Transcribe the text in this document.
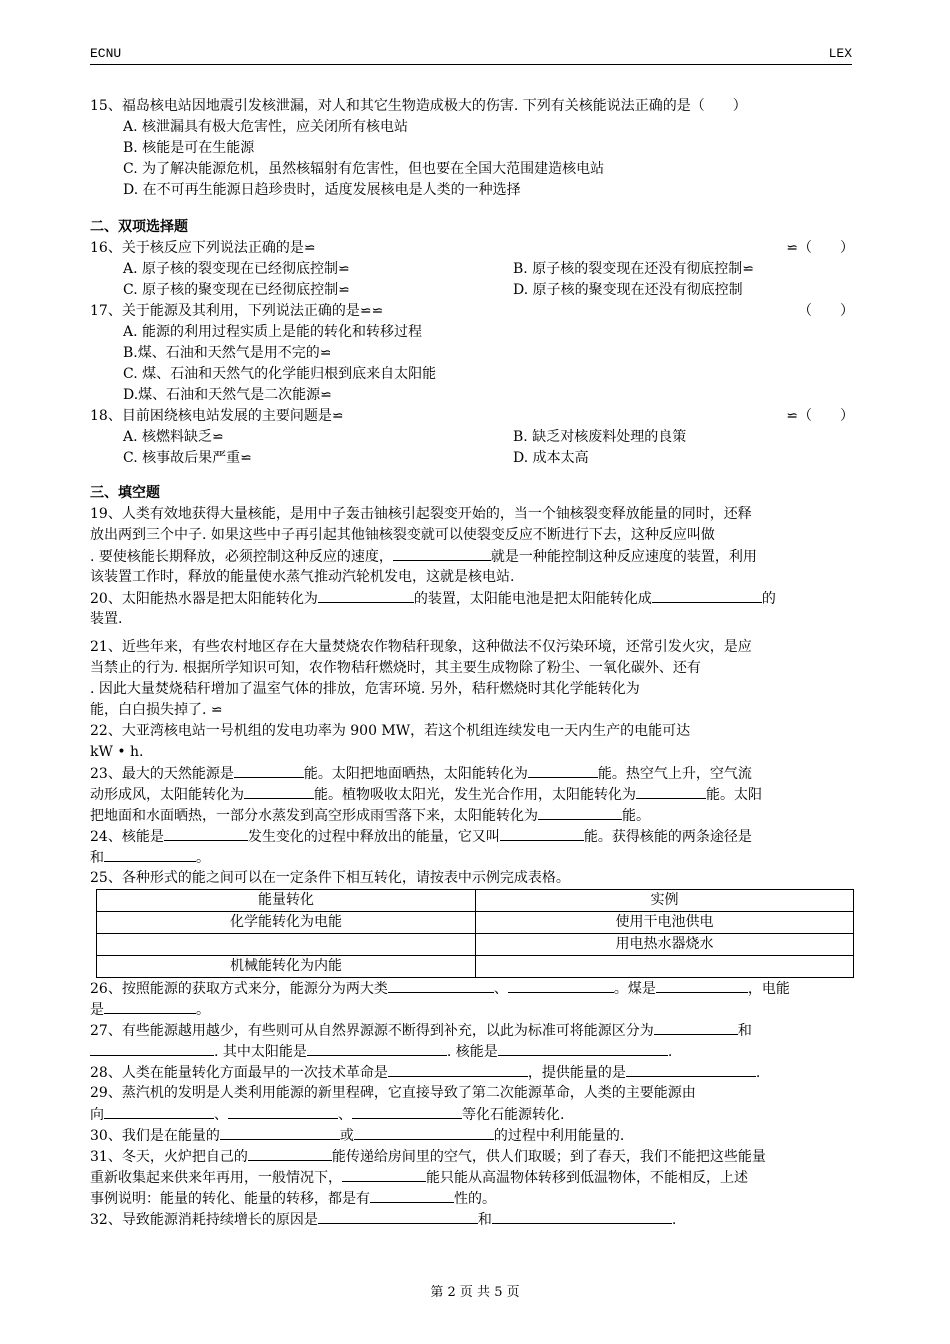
ECNU	LEX
15、福岛核电站因地震引发核泄漏，对人和其它生物造成极大的伤害. 下列有关核能说法正确的是（　　）
A. 核泄漏具有极大危害性，应关闭所有核电站
B. 核能是可在生能源
C. 为了解决能源危机，虽然核辐射有危害性，但也要在全国大范围建造核电站
D. 在不可再生能源日趋珍贵时，适度发展核电是人类的一种选择
二、双项选择题
16、关于核反应下列说法正确的是⋍	⋍（　　）
A. 原子核的裂变现在已经彻底控制⋍	B. 原子核的裂变现在还没有彻底控制⋍
C. 原子核的聚变现在已经彻底控制⋍	D. 原子核的聚变现在还没有彻底控制
17、关于能源及其利用，下列说法正确的是⋍⋍	（　　）
A. 能源的利用过程实质上是能的转化和转移过程
B.煤、石油和天然气是用不完的⋍
C. 煤、石油和天然气的化学能归根到底来自太阳能
D.煤、石油和天然气是二次能源⋍
18、目前困绕核电站发展的主要问题是⋍	⋍（　　）
A. 核燃料缺乏⋍	B. 缺乏对核废料处理的良策
C. 核事故后果严重⋍	D. 成本太高
三、填空题
19、人类有效地获得大量核能，是用中子轰击铀核引起裂变开始的，当一个铀核裂变释放能量的同时，还释
放出两到三个中子. 如果这些中子再引起其他铀核裂变就可以使裂变反应不断进行下去，这种反应叫做
. 要使核能长期释放，必须控制这种反应的速度，	就是一种能控制这种反应速度的装置，利用
该装置工作时，释放的能量使水蒸气推动汽轮机发电，这就是核电站.
20、太阳能热水器是把太阳能转化为	的装置，太阳能电池是把太阳能转化成	的
装置.
21、近些年来，有些农村地区存在大量焚烧农作物秸秆现象，这种做法不仅污染环境，还常引发火灾，是应
当禁止的行为. 根据所学知识可知，农作物秸秆燃烧时，其主要生成物除了粉尘、一氧化碳外、还有
. 因此大量焚烧秸秆增加了温室气体的排放，危害环境. 另外，秸秆燃烧时其化学能转化为
能，白白损失掉了. ⋍
22、大亚湾核电站一号机组的发电功率为 900 MW，若这个机组连续发电一天内生产的电能可达
kW • h.
23、最大的天然能源是	能。太阳把地面晒热，太阳能转化为	能。热空气上升，空气流
动形成风，太阳能转化为	能。植物吸收太阳光，发生光合作用，太阳能转化为	能。太阳
把地面和水面晒热，一部分水蒸发到高空形成雨雪落下来，太阳能转化为	能。
24、核能是	发生变化的过程中释放出的能量，它又叫	能。获得核能的两条途径是
和	。
25、各种形式的能之间可以在一定条件下相互转化，请按表中示例完成表格。
能量转化	实例
化学能转化为电能	使用干电池供电
	用电热水器烧水
机械能转化为内能	
26、按照能源的获取方式来分，能源分为两大类	、	。煤是	，电能
是	。
27、有些能源越用越少，有些则可从自然界源源不断得到补充，以此为标准可将能源区分为	和
. 其中太阳能是	. 核能是	.
28、人类在能量转化方面最早的一次技术革命是	，提供能量的是	.
29、蒸汽机的发明是人类利用能源的新里程碑，它直接导致了第二次能源革命，人类的主要能源由
向	、	、	等化石能源转化.
30、我们是在能量的	或	的过程中利用能量的.
31、冬天，火炉把自己的	能传递给房间里的空气，供人们取暖；到了春天，我们不能把这些能量
重新收集起来供来年再用，一般情况下，	能只能从高温物体转移到低温物体，不能相反，上述
事例说明：能量的转化、能量的转移，都是有	性的。
32、导致能源消耗持续增长的原因是	和	.
第 2 页 共 5 页
